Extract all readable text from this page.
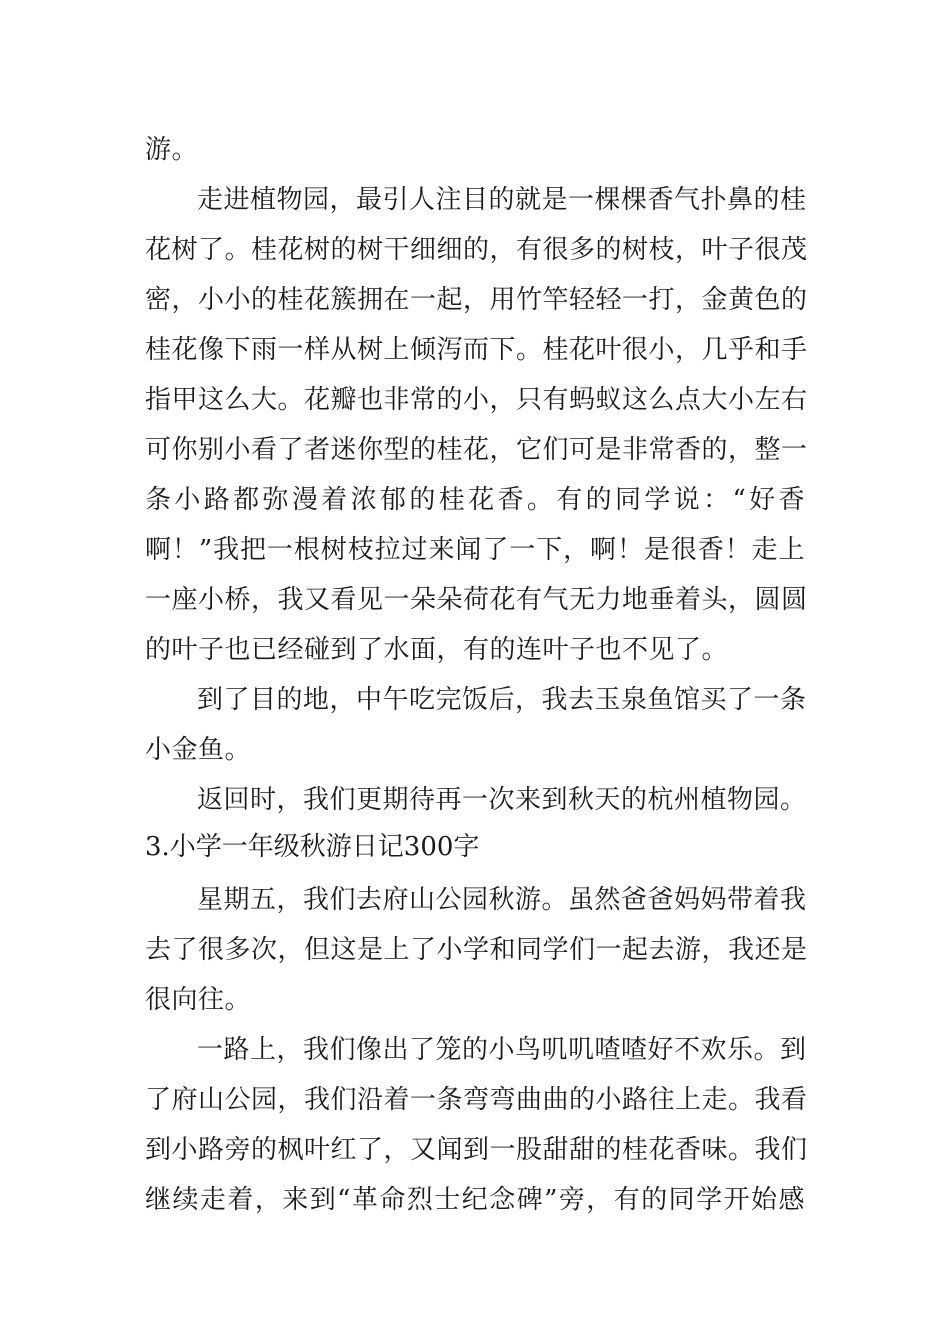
游。
走进植物园，最引人注目的就是一棵棵香气扑鼻的桂
花树了。桂花树的树干细细的，有很多的树枝，叶子很茂
密，小小的桂花簇拥在一起，用竹竿轻轻一打，金黄色的
桂花像下雨一样从树上倾泻而下。桂花叶很小，几乎和手
指甲这么大。花瓣也非常的小，只有蚂蚁这么点大小左右
可你别小看了者迷你型的桂花，它们可是非常香的，整一
条小路都弥漫着浓郁的桂花香。有的同学说：“好香
啊！”我把一根树枝拉过来闻了一下，啊！是很香！走上
一座小桥，我又看见一朵朵荷花有气无力地垂着头，圆圆
的叶子也已经碰到了水面，有的连叶子也不见了。
到了目的地，中午吃完饭后，我去玉泉鱼馆买了一条
小金鱼。
返回时，我们更期待再一次来到秋天的杭州植物园。
3.小学一年级秋游日记300字
星期五，我们去府山公园秋游。虽然爸爸妈妈带着我
去了很多次，但这是上了小学和同学们一起去游，我还是
很向往。
一路上，我们像出了笼的小鸟叽叽喳喳好不欢乐。到
了府山公园，我们沿着一条弯弯曲曲的小路往上走。我看
到小路旁的枫叶红了，又闻到一股甜甜的桂花香味。我们
继续走着，来到“革命烈士纪念碑”旁，有的同学开始感
